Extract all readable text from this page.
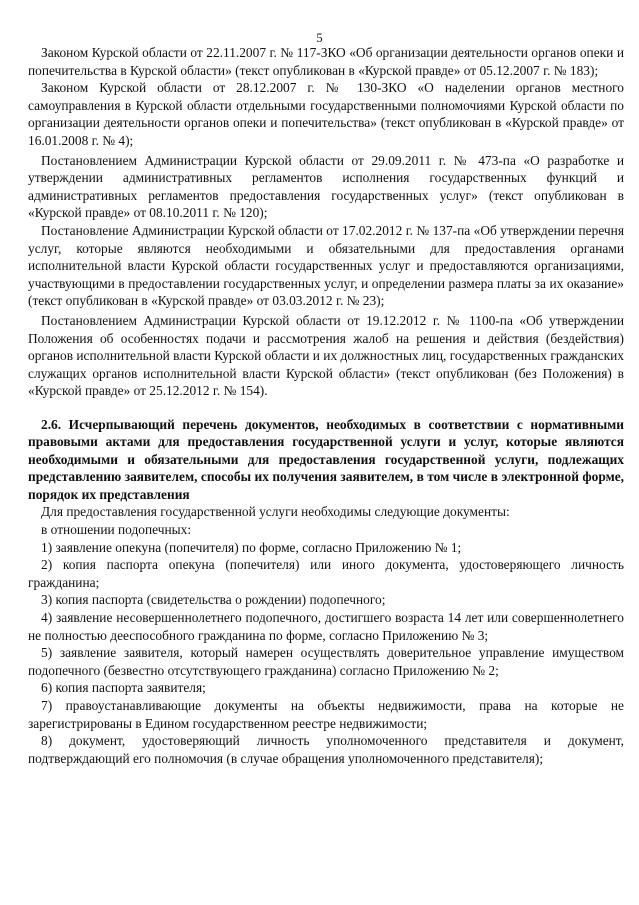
5

Законом Курской области от 22.11.2007 г. № 117-ЗКО «Об организации деятельности органов опеки и попечительства в Курской области» (текст опубликован в «Курской правде» от 05.12.2007 г. № 183);

Законом Курской области от 28.12.2007 г. № 130-ЗКО «О наделении органов местного самоуправления в Курской области отдельными государственными полномочиями Курской области по организации деятельности органов опеки и попечительства» (текст опубликован в «Курской правде» от 16.01.2008 г. № 4);

Постановлением Администрации Курской области от 29.09.2011 г. № 473-па «О разработке и утверждении административных регламентов исполнения государственных функций и административных регламентов предоставления государственных услуг» (текст опубликован в «Курской правде» от 08.10.2011 г. № 120);

Постановление Администрации Курской области от 17.02.2012 г. № 137-па «Об утверждении перечня услуг, которые являются необходимыми и обязательными для предоставления органами исполнительной власти Курской области государственных услуг и предоставляются организациями, участвующими в предоставлении государственных услуг, и определении размера платы за их оказание» (текст опубликован в «Курской правде» от 03.03.2012 г. № 23);

Постановлением Администрации Курской области от 19.12.2012 г. № 1100-па «Об утверждении Положения об особенностях подачи и рассмотрения жалоб на решения и действия (бездействия) органов исполнительной власти Курской области и их должностных лиц, государственных гражданских служащих органов исполнительной власти Курской области» (текст опубликован (без Положения) в «Курской правде» от 25.12.2012 г. № 154).

2.6. Исчерпывающий перечень документов, необходимых в соответствии с нормативными правовыми актами для предоставления государственной услуги и услуг, которые являются необходимыми и обязательными для предоставления государственной услуги, подлежащих представлению заявителем, способы их получения заявителем, в том числе в электронной форме, порядок их представления

Для предоставления государственной услуги необходимы следующие документы:

в отношении подопечных:

1) заявление опекуна (попечителя) по форме, согласно Приложению № 1;

2) копия паспорта опекуна (попечителя) или иного документа, удостоверяющего личность гражданина;

3) копия паспорта (свидетельства о рождении) подопечного;

4) заявление несовершеннолетнего подопечного, достигшего возраста 14 лет или совершеннолетнего не полностью дееспособного гражданина по форме, согласно Приложению № 3;

5) заявление заявителя, который намерен осуществлять доверительное управление имуществом подопечного (безвестно отсутствующего гражданина) согласно Приложению № 2;

6) копия паспорта заявителя;

7) правоустанавливающие документы на объекты недвижимости, права на которые не зарегистрированы в Едином государственном реестре недвижимости;

8) документ, удостоверяющий личность уполномоченного представителя и документ, подтверждающий его полномочия (в случае обращения уполномоченного представителя);
